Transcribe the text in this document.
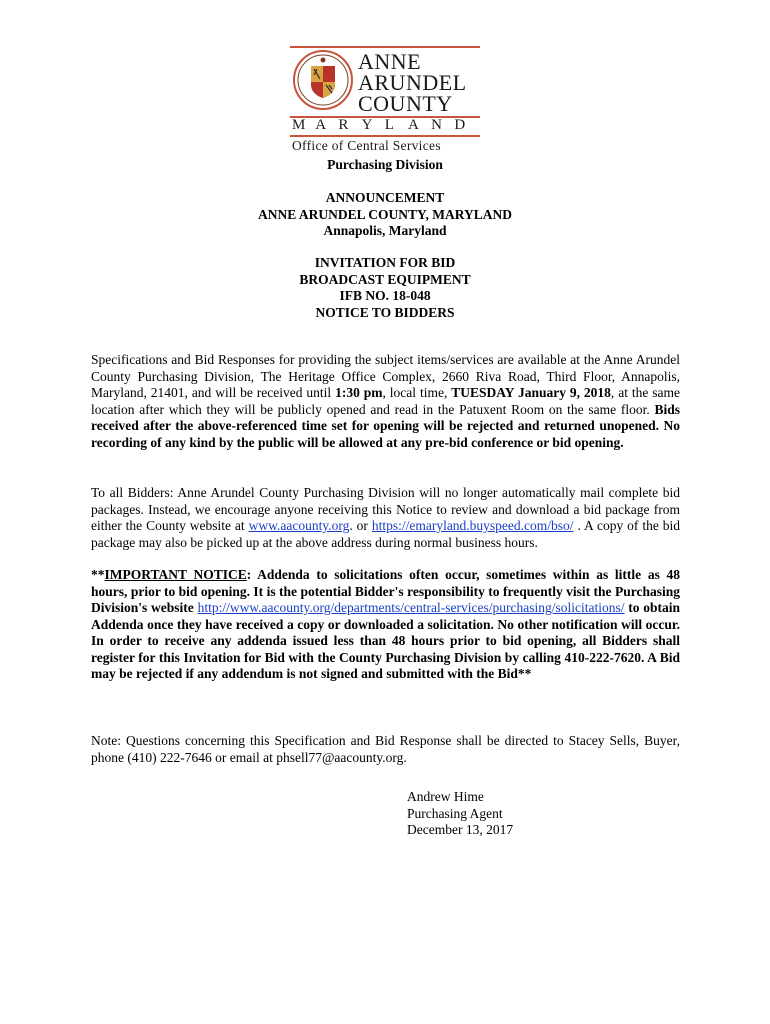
ANNE
ARUNDEL
COUNTY
M A R Y L A N D
Office of Central Services
Purchasing Division
ANNOUNCEMENT
ANNE ARUNDEL COUNTY, MARYLAND
Annapolis, Maryland
INVITATION FOR BID
BROADCAST EQUIPMENT
IFB NO. 18-048
NOTICE TO BIDDERS
Specifications and Bid Responses for providing the subject items/services are available at the Anne Arundel County Purchasing Division, The Heritage Office Complex, 2660 Riva Road, Third Floor, Annapolis, Maryland, 21401, and will be received until 1:30 pm, local time, TUESDAY January 9, 2018, at the same location after which they will be publicly opened and read in the Patuxent Room on the same floor. Bids received after the above-referenced time set for opening will be rejected and returned unopened. No recording of any kind by the public will be allowed at any pre-bid conference or bid opening.
To all Bidders: Anne Arundel County Purchasing Division will no longer automatically mail complete bid packages. Instead, we encourage anyone receiving this Notice to review and download a bid package from either the County website at www.aacounty.org. or https://emaryland.buyspeed.com/bso/ . A copy of the bid package may also be picked up at the above address during normal business hours.
**IMPORTANT NOTICE: Addenda to solicitations often occur, sometimes within as little as 48 hours, prior to bid opening. It is the potential Bidder's responsibility to frequently visit the Purchasing Division's website http://www.aacounty.org/departments/central-services/purchasing/solicitations/ to obtain Addenda once they have received a copy or downloaded a solicitation. No other notification will occur. In order to receive any addenda issued less than 48 hours prior to bid opening, all Bidders shall register for this Invitation for Bid with the County Purchasing Division by calling 410-222-7620. A Bid may be rejected if any addendum is not signed and submitted with the Bid**
Note: Questions concerning this Specification and Bid Response shall be directed to Stacey Sells, Buyer, phone (410) 222-7646 or email at phsell77@aacounty.org.
Andrew Hime
Purchasing Agent
December 13, 2017
